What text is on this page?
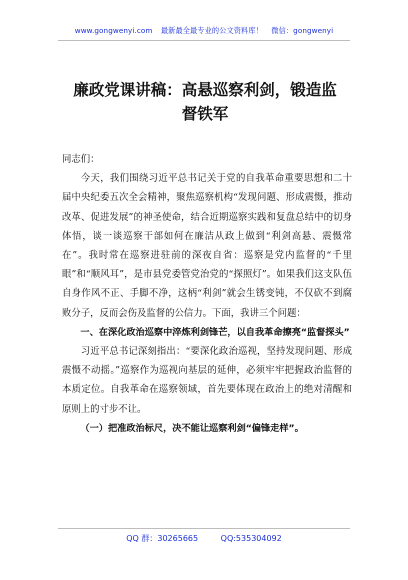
www.gongwenyi.com 最新最全最专业的公文资料库！ 微信：gongwenyi
廉政党课讲稿：高悬巡察利剑，锻造监督铁军

同志们：

今天，我们围绕习近平总书记关于党的自我革命重要思想和二十届中央纪委五次全会精神，聚焦巡察机构“发现问题、形成震慑，推动改革、促进发展”的神圣使命，结合近期巡察实践和复盘总结中的切身体悟，谈一谈巡察干部如何在廉洁从政上做到“利剑高悬、震慑常在”。我时常在巡察进驻前的深夜自省：巡察是党内监督的“千里眼”和“顺风耳”，是市县党委管党治党的“探照灯”。如果我们这支队伍自身作风不正、手脚不净，这柄“利剑”就会生锈变钝，不仅砍不到腐败分子，反而会伤及监督的公信力。下面，我讲三个问题：

一、在深化政治巡察中淬炼利剑锋芒，以自我革命擦亮“监督探头”

习近平总书记深刻指出：“要深化政治巡视，坚持发现问题、形成震慑不动摇。”巡察作为巡视向基层的延伸，必须牢牢把握政治监督的本质定位。自我革命在巡察领域，首先要体现在政治上的绝对清醒和原则上的寸步不让。

（一）把准政治标尺，决不能让巡察利剑“偏锋走样”。

QQ 群：30265665	QQ:535304092
